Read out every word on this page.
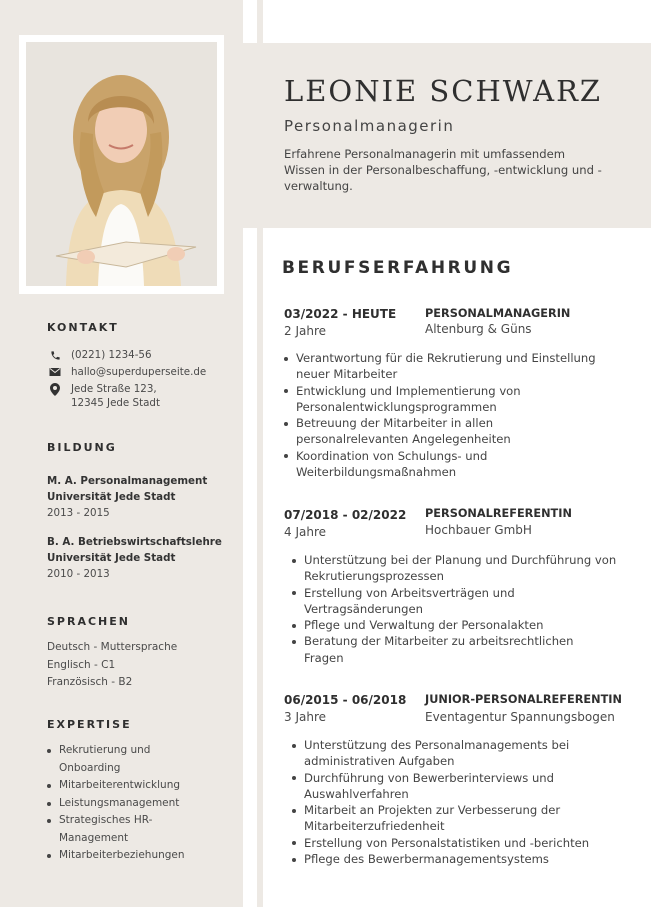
LEONIE SCHWARZ
Personalmanagerin
Erfahrene Personalmanagerin mit umfassendem Wissen in der Personalbeschaffung, -entwicklung und -verwaltung.
KONTAKT
(0221) 1234-56
hallo@superduperseite.de
Jede Straße 123,
12345 Jede Stadt
BILDUNG
M. A. Personalmanagement
Universität Jede Stadt
2013 - 2015
B. A. Betriebswirtschaftslehre
Universität Jede Stadt
2010 - 2013
SPRACHEN
Deutsch - Muttersprache
Englisch - C1
Französisch - B2
EXPERTISE
Rekrutierung und Onboarding
Mitarbeiterentwicklung
Leistungsmanagement
Strategisches HR-Management
Mitarbeiterbeziehungen
BERUFSERFAHRUNG
03/2022 - HEUTE
2 Jahre
PERSONALMANAGERIN
Altenburg & Güns
Verantwortung für die Rekrutierung und Einstellung neuer Mitarbeiter
Entwicklung und Implementierung von Personalentwicklungsprogrammen
Betreuung der Mitarbeiter in allen personalrelevanten Angelegenheiten
Koordination von Schulungs- und Weiterbildungsmaßnahmen
07/2018 - 02/2022
4 Jahre
PERSONALREFERENTIN
Hochbauer GmbH
Unterstützung bei der Planung und Durchführung von Rekrutierungsprozessen
Erstellung von Arbeitsverträgen und Vertragsänderungen
Pflege und Verwaltung der Personalakten
Beratung der Mitarbeiter zu arbeitsrechtlichen Fragen
06/2015 - 06/2018
3 Jahre
JUNIOR-PERSONALREFERENTIN
Eventagentur Spannungsbogen
Unterstützung des Personalmanagements bei administrativen Aufgaben
Durchführung von Bewerberinterviews und Auswahlverfahren
Mitarbeit an Projekten zur Verbesserung der Mitarbeiterzufriedenheit
Erstellung von Personalstatistiken und -berichten
Pflege des Bewerbermanagementsystems
